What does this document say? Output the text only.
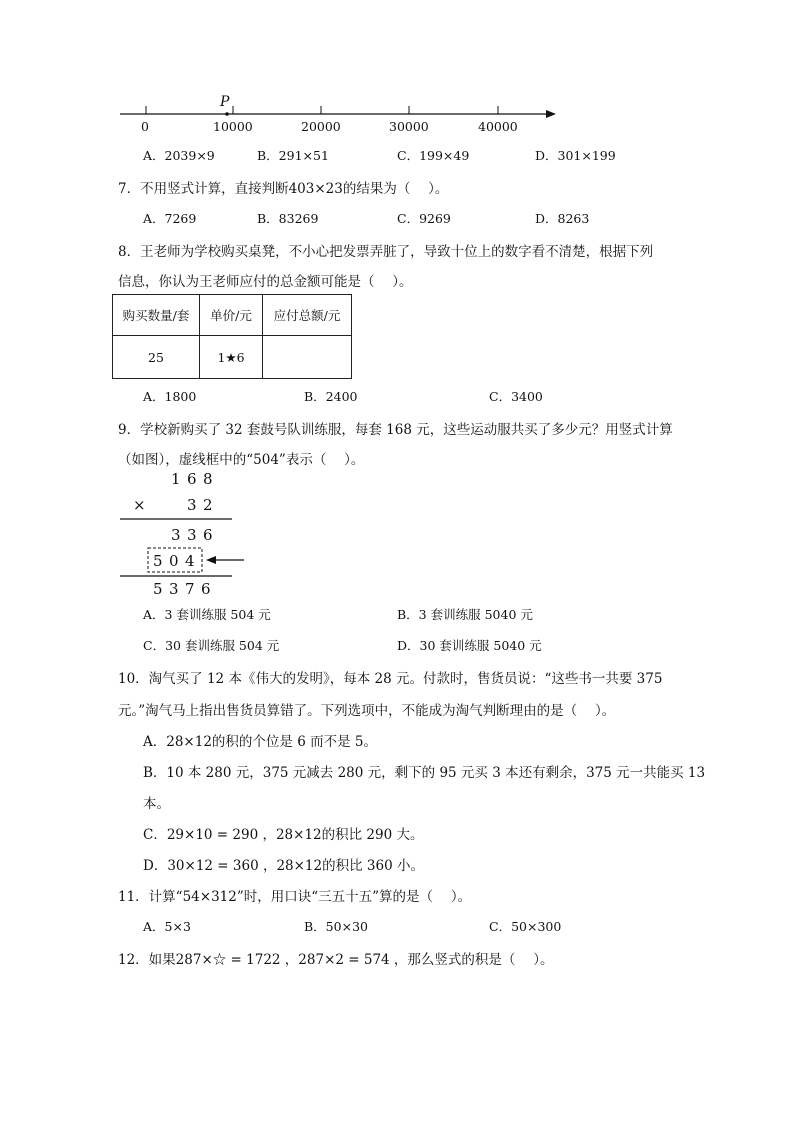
P
0	10000	20000	30000	40000
A．2039×9	B．291×51	C．199×49	D．301×199
7．不用竖式计算，直接判断403×23的结果为（　 ）。
A．7269	B．83269	C．9269	D．8263
8．王老师为学校购买桌凳，不小心把发票弄脏了，导致十位上的数字看不清楚，根据下列
信息，你认为王老师应付的总金额可能是（　 ）。
购买数量/套	单价/元	应付总额/元
25	1★6	
A．1800	B．2400	C．3400
9．学校新购买了 32 套鼓号队训练服，每套 168 元，这些运动服共买了多少元？用竖式计算
（如图），虚线框中的“504”表示（　 ）。
1 6 8
×	3 2
3 3 6
5 0 4
5 3 7 6
A．3 套训练服 504 元	B．3 套训练服 5040 元
C．30 套训练服 504 元	D．30 套训练服 5040 元
10．淘气买了 12 本《伟大的发明》，每本 28 元。付款时，售货员说：“这些书一共要 375
元。”淘气马上指出售货员算错了。下列选项中，不能成为淘气判断理由的是（　 ）。
A．28×12的积的个位是 6 而不是 5。
B．10 本 280 元，375 元减去 280 元，剩下的 95 元买 3 本还有剩余，375 元一共能买 13
本。
C．29×10 = 290 ，28×12的积比 290 大。
D．30×12 = 360 ，28×12的积比 360 小。
11．计算“54×312”时，用口诀“三五十五”算的是（　 ）。
A．5×3	B．50×30	C．50×300
12．如果287×☆ = 1722 ，287×2 = 574 ，那么竖式的积是（　 ）。
